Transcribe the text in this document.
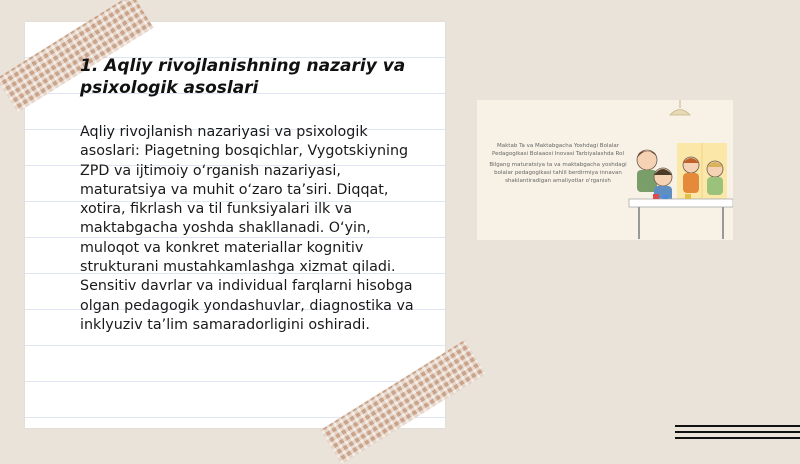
1. Aqliy rivojlanishning nazariy va psixologik asoslari

Aqliy rivojlanish nazariyasi va psixologik asoslari: Piagetning bosqichlar, Vygotskiyning ZPD va ijtimoiy o‘rganish nazariyasi, maturatsiya va muhit o‘zaro ta’siri. Diqqat, xotira, fikrlash va til funksiyalari ilk va maktabgacha yoshda shakllanadi. O‘yin, muloqot va konkret materiallar kognitiv strukturani mustahkamlashga xizmat qiladi. Sensitiv davrlar va individual farqlarni hisobga olgan pedagogik yondashuvlar, diagnostika va inklyuziv ta’lim samaradorligini oshiradi.

Maktab Ta va Maktabgacha Yoshdagi Bolalar Pedagogikasi Bolaaosi Inovasi Tarbiyalashda Rol

Bilgang maturatsiya ta va maktabgacha yoshdagi bolalar pedagogikasi tahlil berdirmiya innavan shaklantiradigan amaliyotlar o'rganish
